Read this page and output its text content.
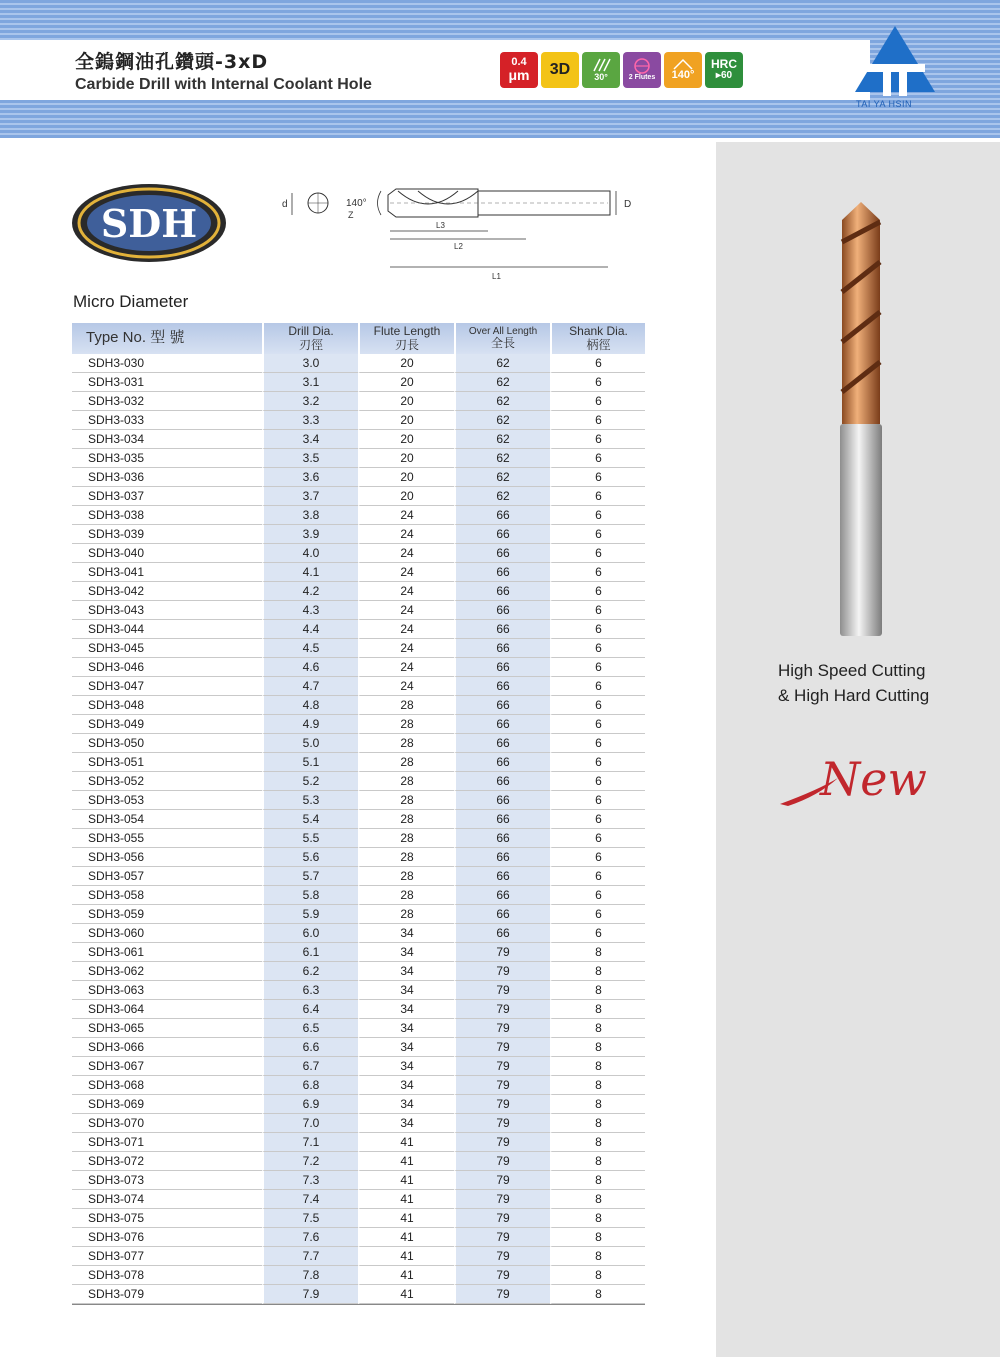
全鎢鋼油孔鑽頭-3xD
Carbide Drill with Internal Coolant Hole
0.4
μm 3D	30°	2 Flutes 140°
HRC
▸60
TAI YA HSIN
SDH	d	140°
Z
D
L3
L2
L1
Micro Diameter
Type No. 型 號	Drill Dia.
刃徑
Flute Length
刃長
Over All Length
全長
Shank Dia.
柄徑
SDH3-030	3.0	20	62	6
SDH3-031	3.1	20	62	6
SDH3-032	3.2	20	62	6
SDH3-033	3.3	20	62	6
SDH3-034	3.4	20	62	6
SDH3-035	3.5	20	62	6
SDH3-036	3.6	20	62	6
SDH3-037	3.7	20	62	6
SDH3-038	3.8	24	66	6
SDH3-039	3.9	24	66	6
SDH3-040	4.0	24	66	6
SDH3-041	4.1	24	66	6
SDH3-042	4.2	24	66	6
SDH3-043	4.3	24	66	6
SDH3-044	4.4	24	66	6
SDH3-045	4.5	24	66	6
SDH3-046	4.6	24	66	6
SDH3-047	4.7	24	66	6
SDH3-048	4.8	28	66	6
SDH3-049	4.9	28	66	6
SDH3-050	5.0	28	66	6
SDH3-051	5.1	28	66	6
SDH3-052	5.2	28	66	6
SDH3-053	5.3	28	66	6
SDH3-054	5.4	28	66	6
SDH3-055	5.5	28	66	6
SDH3-056	5.6	28	66	6
SDH3-057	5.7	28	66	6
SDH3-058	5.8	28	66	6
SDH3-059	5.9	28	66	6
SDH3-060	6.0	34	66	6
SDH3-061	6.1	34	79	8
SDH3-062	6.2	34	79	8
SDH3-063	6.3	34	79	8
SDH3-064	6.4	34	79	8
SDH3-065	6.5	34	79	8
SDH3-066	6.6	34	79	8
SDH3-067	6.7	34	79	8
SDH3-068	6.8	34	79	8
SDH3-069	6.9	34	79	8
SDH3-070	7.0	34	79	8
SDH3-071	7.1	41	79	8
SDH3-072	7.2	41	79	8
SDH3-073	7.3	41	79	8
SDH3-074	7.4	41	79	8
SDH3-075	7.5	41	79	8
SDH3-076	7.6	41	79	8
SDH3-077	7.7	41	79	8
SDH3-078	7.8	41	79	8
SDH3-079	7.9	41	79	8
High Speed Cutting
& High Hard Cutting
New
